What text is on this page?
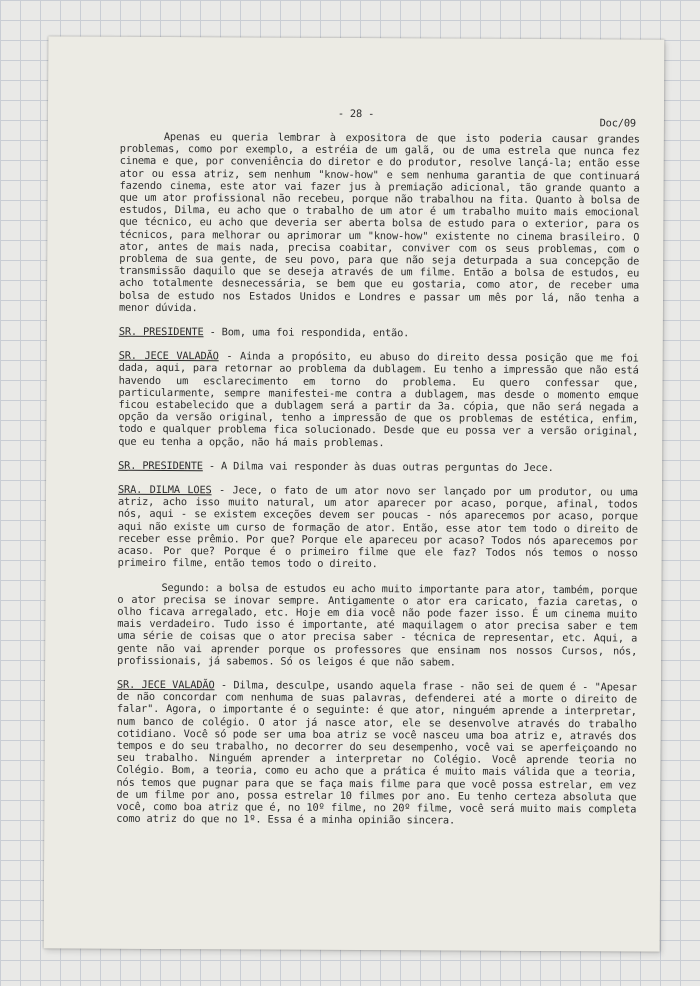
- 28 -
Doc/09

Apenas eu queria lembrar à expositora de que isto poderia causar grandes problemas, como por exemplo, a estréia de um galã, ou de uma estrela que nunca fez cinema e que, por conveniência do diretor e do produtor, resolve lançá-la; então esse ator ou essa atriz, sem nenhum "know-how" e sem nenhuma garantia de que continuará fazendo cinema, este ator vai fazer jus à premiação adicional, tão grande quanto a que um ator profissional não recebeu, porque não trabalhou na fita. Quanto à bolsa de estudos, Dilma, eu acho que o trabalho de um ator é um trabalho muito mais emocional que técnico, eu acho que deveria ser aberta bolsa de estudo para o exterior, para os técnicos, para melhorar ou aprimorar um "know-how" existente no cinema brasileiro. O ator, antes de mais nada, precisa coabitar, conviver com os seus problemas, com o problema de sua gente, de seu povo, para que não seja deturpada a sua concepção de transmissão daquilo que se deseja através de um filme. Então a bolsa de estudos, eu acho totalmente desnecessária, se bem que eu gostaria, como ator, de receber uma bolsa de estudo nos Estados Unidos e Londres e passar um mês por lá, não tenha a menor dúvida.

SR. PRESIDENTE - Bom, uma foi respondida, então.

SR. JECE VALADÃO - Ainda a propósito, eu abuso do direito dessa posição que me foi dada, aqui, para retornar ao problema da dublagem. Eu tenho a impressão que não está havendo um esclarecimento em torno do problema. Eu quero confessar que, particularmente, sempre manifestei-me contra a dublagem, mas desde o momento emque ficou estabelecido que a dublagem será a partir da 3a. cópia, que não será negada a opção da versão original, tenho a impressão de que os problemas de estética, enfim, todo e qualquer problema fica solucionado. Desde que eu possa ver a versão original, que eu tenha a opção, não há mais problemas.

SR. PRESIDENTE - A Dilma vai responder às duas outras perguntas do Jece.

SRA. DILMA LOES - Jece, o fato de um ator novo ser lançado por um produtor, ou uma atriz, acho isso muito natural, um ator aparecer por acaso, porque, afinal, todos nós, aqui - se existem exceções devem ser poucas - nós aparecemos por acaso, porque aqui não existe um curso de formação de ator. Então, esse ator tem todo o direito de receber esse prêmio. Por que? Porque ele apareceu por acaso? Todos nós aparecemos por acaso. Por que? Porque é o primeiro filme que ele faz? Todos nós temos o nosso primeiro filme, então temos todo o direito.

Segundo: a bolsa de estudos eu acho muito importante para ator, também, porque o ator precisa se inovar sempre. Antigamente o ator era caricato, fazia caretas, o olho ficava arregalado, etc. Hoje em dia você não pode fazer isso. É um cinema muito mais verdadeiro. Tudo isso é importante, até maquilagem o ator precisa saber e tem uma série de coisas que o ator precisa saber - técnica de representar, etc. Aqui, a gente não vai aprender porque os professores que ensinam nos nossos Cursos, nós, profissionais, já sabemos. Só os leigos é que não sabem.

SR. JECE VALADÃO - Dilma, desculpe, usando aquela frase - não sei de quem é - "Apesar de não concordar com nenhuma de suas palavras, defenderei até a morte o direito de falar". Agora, o importante é o seguinte: é que ator, ninguém aprende a interpretar, num banco de colégio. O ator já nasce ator, ele se desenvolve através do trabalho cotidiano. Você só pode ser uma boa atriz se você nasceu uma boa atriz e, através dos tempos e do seu trabalho, no decorrer do seu desempenho, você vai se aperfeiçoando no seu trabalho. Ninguém aprender a interpretar no Colégio. Você aprende teoria no Colégio. Bom, a teoria, como eu acho que a prática é muito mais válida que a teoria, nós temos que pugnar para que se faça mais filme para que você possa estrelar, em vez de um filme por ano, possa estrelar 10 filmes por ano. Eu tenho certeza absoluta que você, como boa atriz que é, no 10º filme, no 20º filme, você será muito mais completa como atriz do que no 1º. Essa é a minha opinião sincera.
